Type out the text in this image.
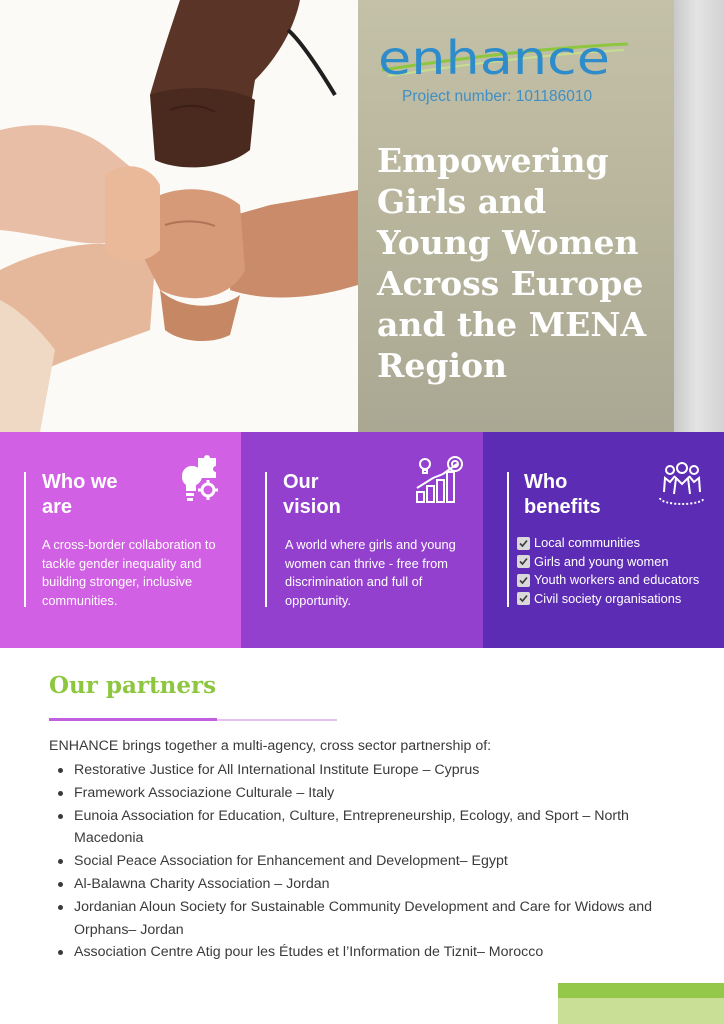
enhance
Project number: 101186010
Empowering Girls and Young Women Across Europe and the MENA Region
Who we
are
A cross-border collaboration to tackle gender inequality and building stronger, inclusive communities.
Our
vision
A world where girls and young women can thrive - free from discrimination and full of opportunity.
Who
benefits
Local communities
Girls and young women
Youth workers and educators
Civil society organisations
Our partners
ENHANCE brings together a multi-agency, cross sector partnership of:
Restorative Justice for All International Institute Europe – Cyprus
Framework Associazione Culturale – Italy
Eunoia Association for Education, Culture, Entrepreneurship, Ecology, and Sport – North Macedonia
Social Peace Association for Enhancement and Development– Egypt
Al-Balawna Charity Association – Jordan
Jordanian Aloun Society for Sustainable Community Development and Care for Widows and Orphans– Jordan
Association Centre Atig pour les Études et l’Information de Tiznit– Morocco
